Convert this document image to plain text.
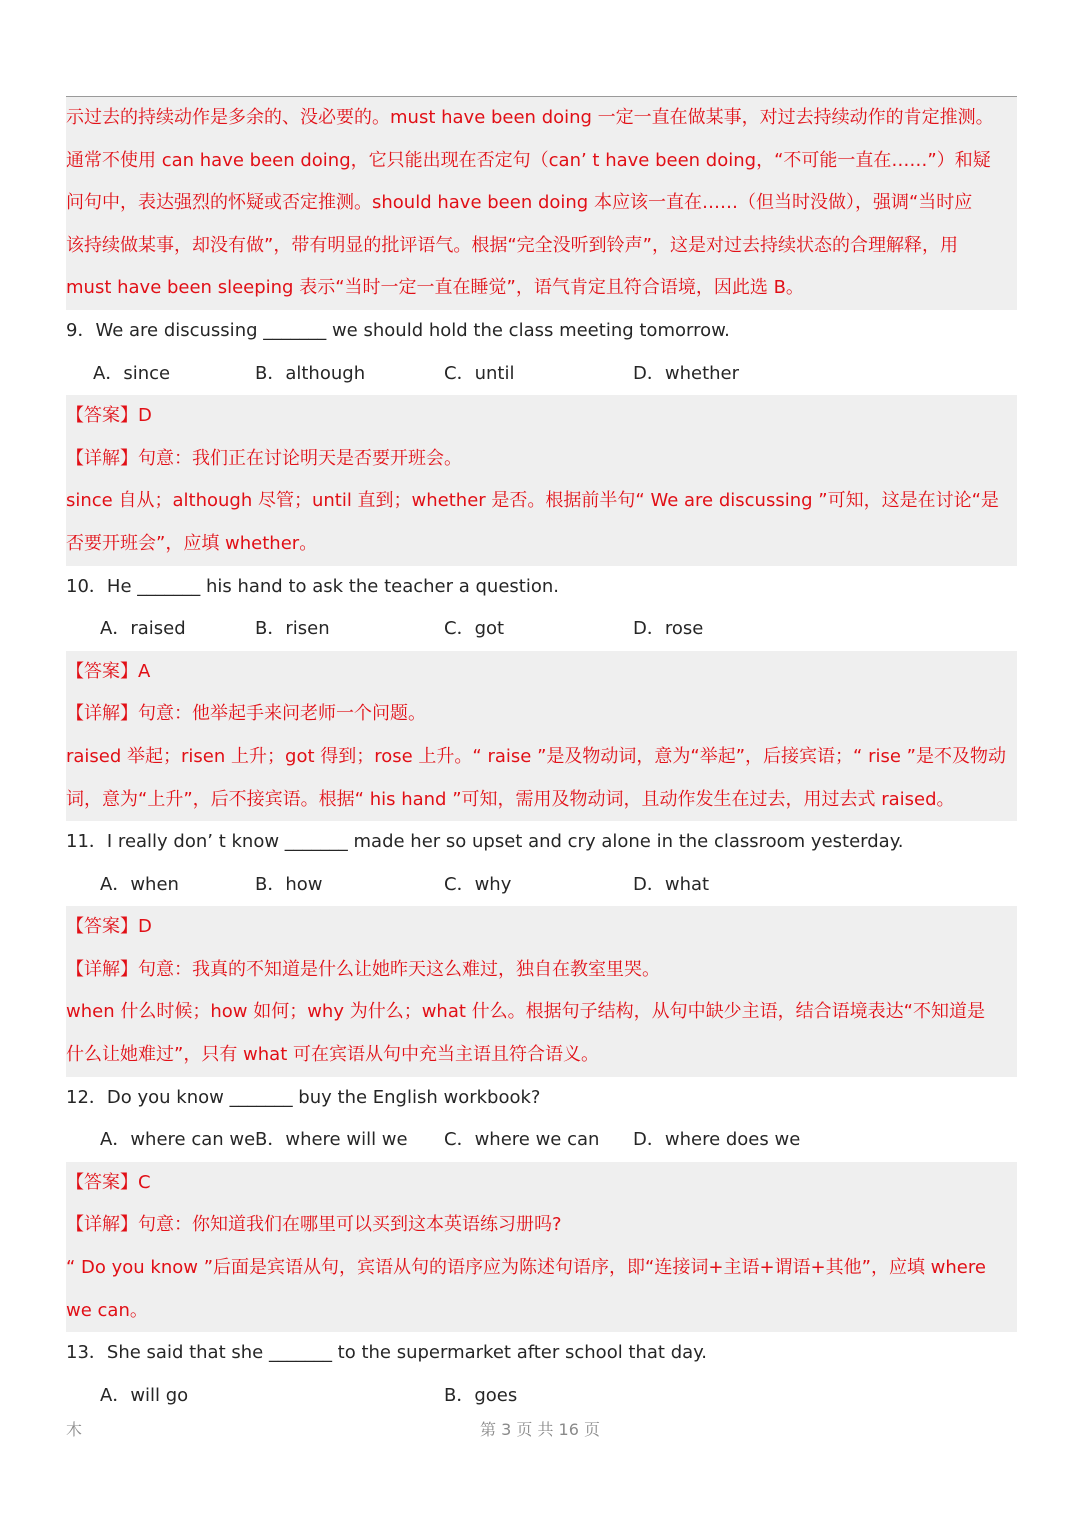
示过去的持续动作是多余的、没必要的。must have been doing 一定一直在做某事，对过去持续动作的肯定推测。
通常不使用 can have been doing，它只能出现在否定句（can’ t have been doing，“不可能一直在……”）和疑
问句中，表达强烈的怀疑或否定推测。should have been doing 本应该一直在……（但当时没做），强调“当时应
该持续做某事，却没有做”，带有明显的批评语气。根据“完全没听到铃声”，这是对过去持续状态的合理解释，用
must have been sleeping 表示“当时一定一直在睡觉”，语气肯定且符合语境，因此选 B。
9．We are discussing _______ we should hold the class meeting tomorrow.
A．since	B．although	C．until	D．whether
【答案】D
【详解】句意：我们正在讨论明天是否要开班会。
since 自从；although 尽管；until 直到；whether 是否。根据前半句“ We are discussing ”可知，这是在讨论“是
否要开班会”，应填 whether。
10．He _______ his hand to ask the teacher a question.
A．raised	B．risen	C．got	D．rose
【答案】A
【详解】句意：他举起手来问老师一个问题。
raised 举起；risen 上升；got 得到；rose 上升。“ raise ”是及物动词，意为“举起”，后接宾语；“ rise ”是不及物动
词，意为“上升”，后不接宾语。根据“ his hand ”可知，需用及物动词，且动作发生在过去，用过去式 raised。
11．I really don’ t know _______ made her so upset and cry alone in the classroom yesterday.
A．when	B．how	C．why	D．what
【答案】D
【详解】句意：我真的不知道是什么让她昨天这么难过，独自在教室里哭。
when 什么时候；how 如何；why 为什么；what 什么。根据句子结构，从句中缺少主语，结合语境表达“不知道是
什么让她难过”，只有 what 可在宾语从句中充当主语且符合语义。
12．Do you know _______ buy the English workbook?
A．where can we B．where will we C．where we can D．where does we
【答案】C
【详解】句意：你知道我们在哪里可以买到这本英语练习册吗?
“ Do you know ”后面是宾语从句，宾语从句的语序应为陈述句语序，即“连接词+主语+谓语+其他”，应填 where
we can。
13．She said that she _______ to the supermarket after school that day.
A．will go	B．goes
木	第 3 页 共 16 页
